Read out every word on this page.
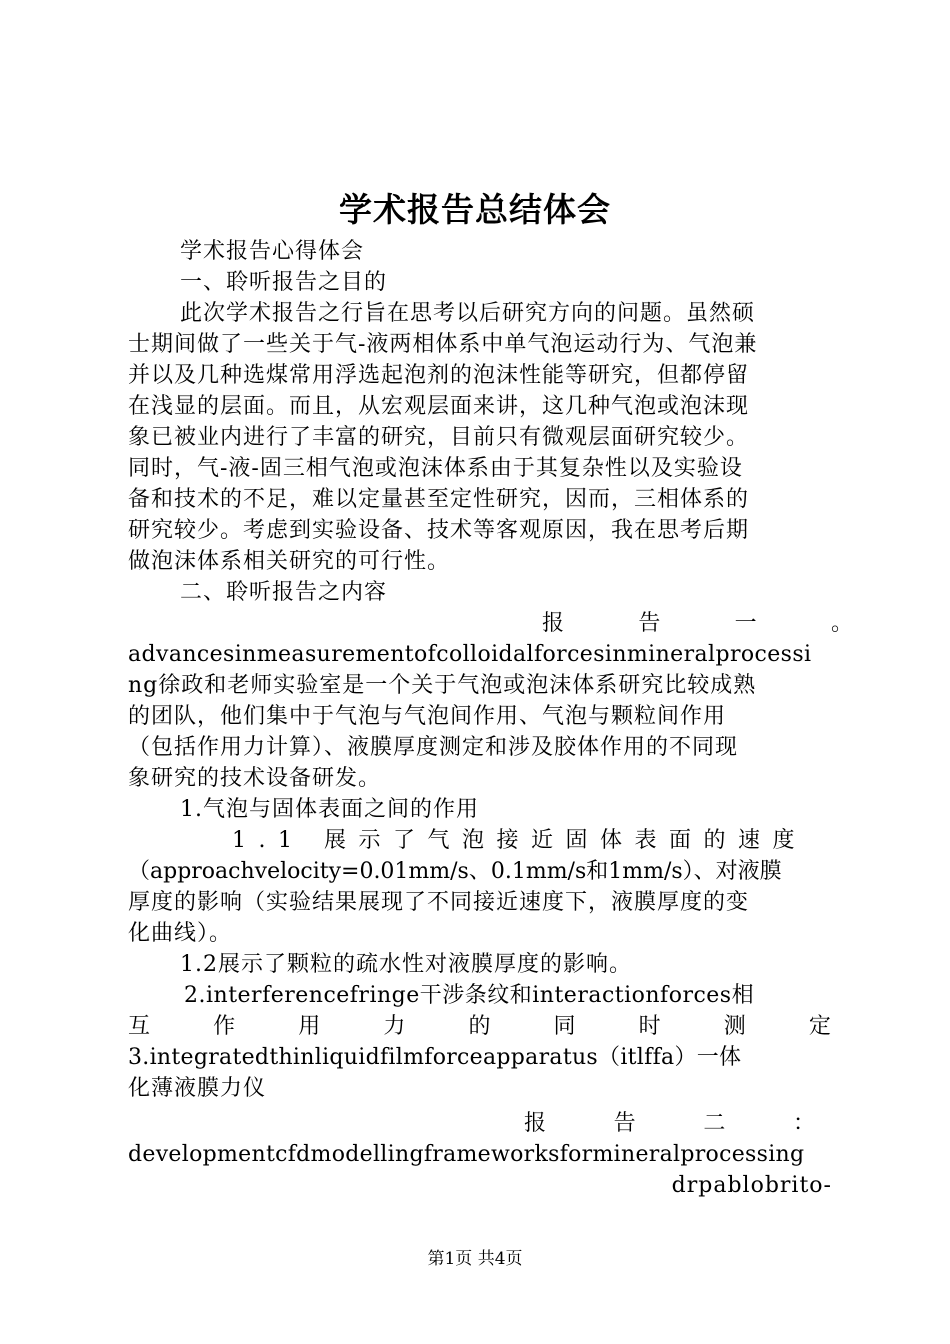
学术报告总结体会
学术报告心得体会
一、聆听报告之目的
此次学术报告之行旨在思考以后研究方向的问题。虽然硕
士期间做了一些关于气-液两相体系中单气泡运动行为、气泡兼
并以及几种选煤常用浮选起泡剂的泡沫性能等研究，但都停留
在浅显的层面。而且，从宏观层面来讲，这几种气泡或泡沫现
象已被业内进行了丰富的研究，目前只有微观层面研究较少。
同时，气-液-固三相气泡或泡沫体系由于其复杂性以及实验设
备和技术的不足，难以定量甚至定性研究，因而，三相体系的
研究较少。考虑到实验设备、技术等客观原因，我在思考后期
做泡沫体系相关研究的可行性。
二、聆听报告之内容
报	告	一	。
advancesinmeasurementofcolloidalforcesinmineralprocessi
ng徐政和老师实验室是一个关于气泡或泡沫体系研究比较成熟
的团队，他们集中于气泡与气泡间作用、气泡与颗粒间作用
（包括作用力计算）、液膜厚度测定和涉及胶体作用的不同现
象研究的技术设备研发。
1.气泡与固体表面之间的作用
1.1 展示了气泡接近固体表面的速度
（approachvelocity=0.01mm/s、0.1mm/s和1mm/s）、对液膜
厚度的影响（实验结果展现了不同接近速度下，液膜厚度的变
化曲线）。
1.2展示了颗粒的疏水性对液膜厚度的影响。
2.interferencefringe干涉条纹和interactionforces相
互	作	用	力	的	同	时	测	定
3.integratedthinliquidfilmforceapparatus（itlffa）一体
化薄液膜力仪
报	告	二	：
developmentcfdmodellingframeworksformineralprocessing
drpablobrito-
第1页 共4页
